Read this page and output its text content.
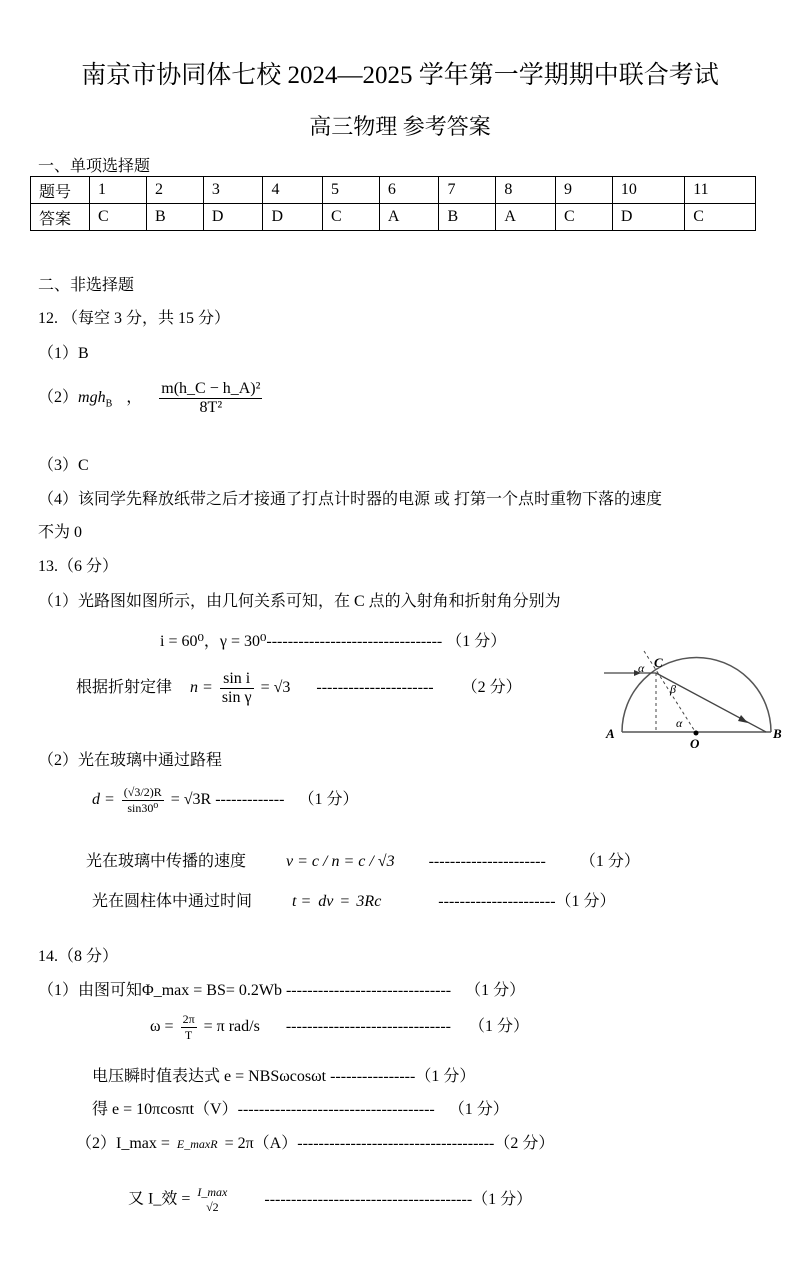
南京市协同体七校 2024—2025 学年第一学期期中联合考试
高三物理 参考答案
一、单项选择题
题号	1	2	3	4	5	6	7	8	9	10	11
答案	C	B	D	D	C	A	B	A	C	D	C
二、非选择题
12. （每空 3 分，共 15 分）
（1）B
（2）mgh$_B$ ， $\frac{\text{m(h\_C − h\_A)²}}{\text{8T²}}$
（3）C
（4）该同学先释放纸带之后才接通了打点计时器的电源 或 打第一个点时重物下落的速度
不为 0
13.（6 分）
（1）光路图如图所示，由几何关系可知，在 C 点的入射角和折射角分别为
i = 60⁰，γ = 30⁰--------------------------------- （1 分）
根据折射定律 $n = \frac{\text{sin i}}{\text{sin γ}} = √3$ ---------------------- （2 分）
A	B
C
O
α
α
β
（2）光在玻璃中通过路程
$d = \frac{(√3/2)R}{\text{sin30⁰}} = √3R$ ------------- （1 分）
光在玻璃中传播的速度	v = c / n = c / √3 ---------------------- （1 分）
光在圆柱体中通过时间	t = dv = 3Rc	----------------------（1 分）
14.（8 分）
（1）由图可知Φ_max = BS= 0.2Wb ------------------------------- （1 分）
$\omega = \frac{2\pi}{T} = \pi$ rad/s ------------------------------- （1 分）
电压瞬时值表达式 e = NBSωcosωt ----------------（1 分）
得 e = 10πcosπt（V）------------------------------------- （1 分）
（2）I_max = E_maxR = 2π（A）-------------------------------------（2 分）
又 I_效 = I_max
√2	---------------------------------------（1 分）
